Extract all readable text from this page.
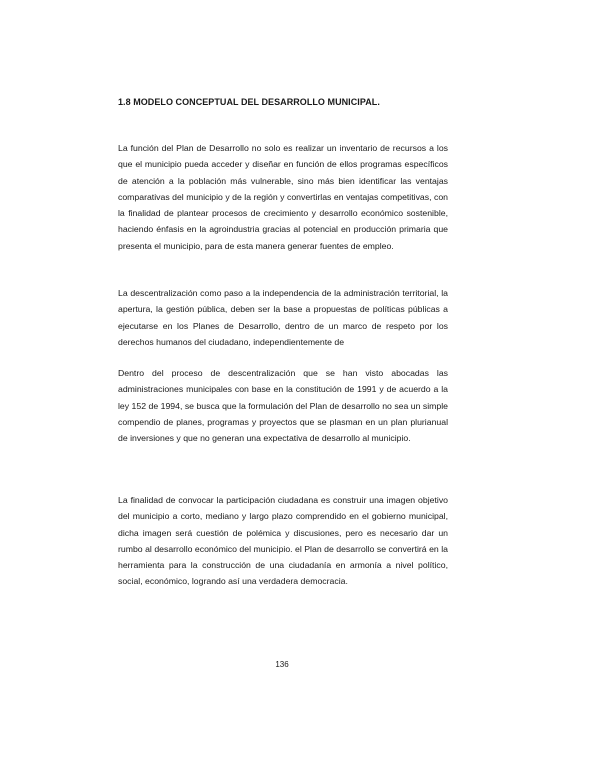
1.8 MODELO CONCEPTUAL DEL DESARROLLO MUNICIPAL.
La función del Plan de Desarrollo no solo es realizar un inventario de recursos a los que el municipio pueda acceder y diseñar en función de ellos programas específicos de atención a la población más vulnerable, sino más bien identificar las ventajas comparativas del municipio y de la región y convertirlas en ventajas competitivas, con la finalidad de plantear procesos de crecimiento y desarrollo económico sostenible, haciendo énfasis en la agroindustria gracias al potencial en producción primaria que presenta el municipio, para de esta manera generar fuentes de empleo.
La descentralización como paso a la independencia de la administración territorial, la apertura, la gestión pública, deben ser la base a propuestas de políticas públicas a ejecutarse en los Planes de Desarrollo, dentro de un marco de respeto por los derechos humanos del ciudadano, independientemente de
Dentro del proceso de descentralización que se han visto abocadas las administraciones municipales con base en la constitución de 1991 y de acuerdo a la ley 152 de 1994, se busca que la formulación del Plan de desarrollo no sea un simple compendio de planes, programas y proyectos que se plasman en un plan plurianual de inversiones y que no generan una expectativa de desarrollo al municipio.
La finalidad de convocar la participación ciudadana es construir una imagen objetivo del municipio a corto, mediano y largo plazo comprendido en el gobierno municipal, dicha imagen será cuestión de polémica y discusiones, pero es necesario dar un rumbo al desarrollo económico del municipio. el Plan de desarrollo se convertirá en la herramienta para la construcción de una ciudadanía en armonía a nivel político, social, económico, logrando así una verdadera democracia.
136
